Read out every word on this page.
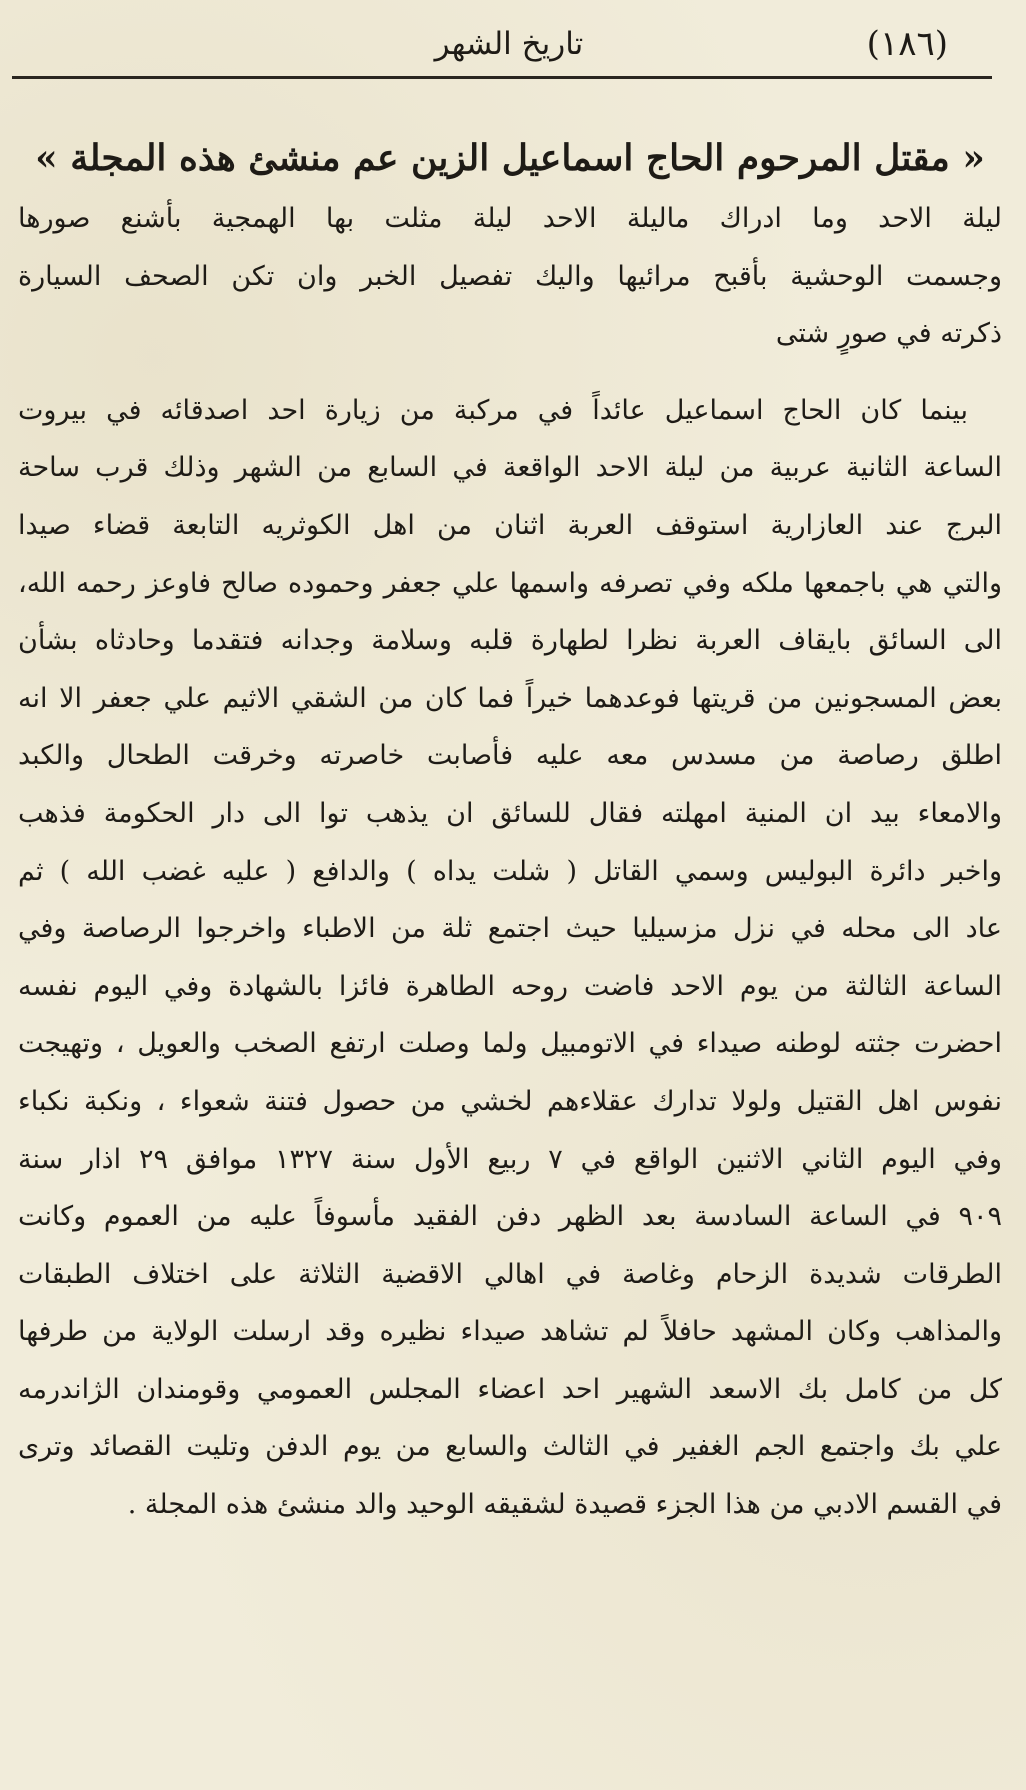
(١٨٦)
تاريخ الشهر
« مقتل المرحوم الحاج اسماعيل الزين عم منشئ هذه المجلة »
ليلة الاحد وما ادراك ماليلة الاحد ليلة مثلت بها الهمجية بأشنع صورها
وجسمت الوحشية بأقبح مرائيها واليك تفصيل الخبر وان تكن الصحف السيارة
ذكرته في صورٍ شتى
بينما كان الحاج اسماعيل عائداً في مركبة من زيارة احد اصدقائه في بيروت
الساعة الثانية عربية من ليلة الاحد الواقعة في السابع من الشهر وذلك قرب ساحة
البرج عند العازارية استوقف العربة اثنان من اهل الكوثريه التابعة قضاء صيدا
والتي هي باجمعها ملكه وفي تصرفه واسمها علي جعفر وحموده صالح فاوعز رحمه الله،
الى السائق بايقاف العربة نظرا لطهارة قلبه وسلامة وجدانه فتقدما وحادثاه بشأن
بعض المسجونين من قريتها فوعدهما خيراً فما كان من الشقي الاثيم علي جعفر الا انه
اطلق رصاصة من مسدس معه عليه فأصابت خاصرته وخرقت الطحال والكبد
والامعاء بيد ان المنية امهلته فقال للسائق ان يذهب توا الى دار الحكومة فذهب
واخبر دائرة البوليس وسمي القاتل ( شلت يداه ) والدافع ( عليه غضب الله ) ثم
عاد الى محله في نزل مزسيليا حيث اجتمع ثلة من الاطباء واخرجوا الرصاصة وفي
الساعة الثالثة من يوم الاحد فاضت روحه الطاهرة فائزا بالشهادة وفي اليوم نفسه
احضرت جثته لوطنه صيداء في الاتومبيل ولما وصلت ارتفع الصخب والعويل ، وتهيجت
نفوس اهل القتيل ولولا تدارك عقلاءهم لخشي من حصول فتنة شعواء ، ونكبة نكباء
وفي اليوم الثاني الاثنين الواقع في ٧ ربيع الأول سنة ١٣٢٧ موافق ٢٩ اذار سنة
٩٠٩ في الساعة السادسة بعد الظهر دفن الفقيد مأسوفاً عليه من العموم وكانت
الطرقات شديدة الزحام وغاصة في اهالي الاقضية الثلاثة على اختلاف الطبقات
والمذاهب وكان المشهد حافلاً لم تشاهد صيداء نظيره وقد ارسلت الولاية من طرفها
كل من كامل بك الاسعد الشهير احد اعضاء المجلس العمومي وقومندان الژاندرمه
علي بك واجتمع الجم الغفير في الثالث والسابع من يوم الدفن وتليت القصائد وترى
في القسم الادبي من هذا الجزء قصيدة لشقيقه الوحيد والد منشئ هذه المجلة .
